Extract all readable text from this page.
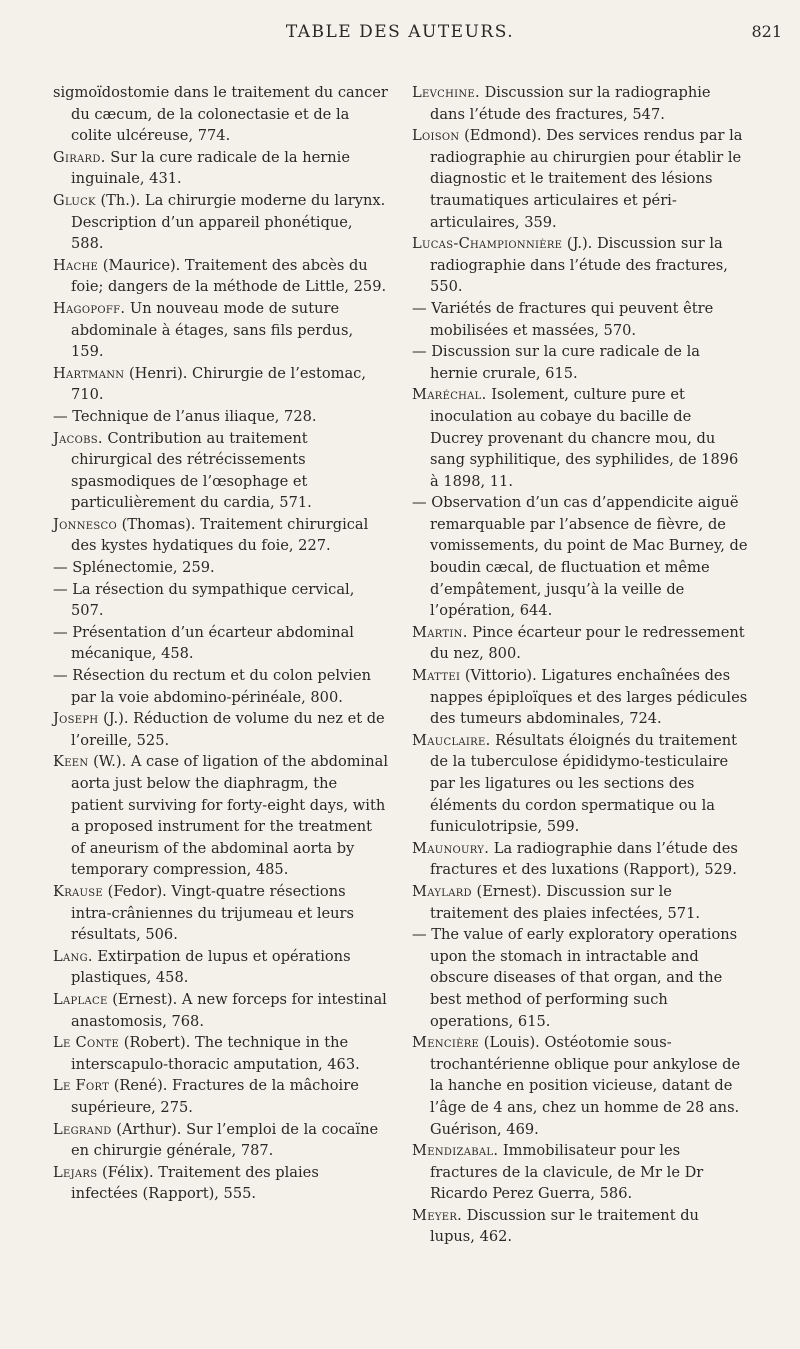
TABLE DES AUTEURS.	821

sigmoïdostomie dans le traitement du cancer du cæcum, de la colonectasie et de la colite ulcéreuse, 774.

Girard. Sur la cure radicale de la hernie inguinale, 431.

Gluck (Th.). La chirurgie moderne du larynx. Description d’un appareil phonétique, 588.

Hache (Maurice). Traitement des abcès du foie; dangers de la méthode de Little, 259.

Hagopoff. Un nouveau mode de suture abdominale à étages, sans fils perdus, 159.

Hartmann (Henri). Chirurgie de l’estomac, 710.

— Technique de l’anus iliaque, 728.

Jacobs. Contribution au traitement chirurgical des rétrécissements spasmodiques de l’œsophage et particulièrement du cardia, 571.

Jonnesco (Thomas). Traitement chirurgical des kystes hydatiques du foie, 227.

— Splénectomie, 259.

— La résection du sympathique cervical, 507.

— Présentation d’un écarteur abdominal mécanique, 458.

— Résection du rectum et du colon pelvien par la voie abdomino-périnéale, 800.

Joseph (J.). Réduction de volume du nez et de l’oreille, 525.

Keen (W.). A case of ligation of the abdominal aorta just below the diaphragm, the patient surviving for forty-eight days, with a proposed instrument for the treatment of aneurism of the abdominal aorta by temporary compression, 485.

Krause (Fedor). Vingt-quatre résections intra-crâniennes du trijumeau et leurs résultats, 506.

Lang. Extirpation de lupus et opérations plastiques, 458.

Laplace (Ernest). A new forceps for intestinal anastomosis, 768.

Le Conte (Robert). The technique in the interscapulo-thoracic amputation, 463.

Le Fort (René). Fractures de la mâchoire supérieure, 275.

Legrand (Arthur). Sur l’emploi de la cocaïne en chirurgie générale, 787.

Lejars (Félix). Traitement des plaies infectées (Rapport), 555.

Levchine. Discussion sur la radiographie dans l’étude des fractures, 547.

Loison (Edmond). Des services rendus par la radiographie au chirurgien pour établir le diagnostic et le traitement des lésions traumatiques articulaires et péri-articulaires, 359.

Lucas-Championnière (J.). Discussion sur la radiographie dans l’étude des fractures, 550.

— Variétés de fractures qui peuvent être mobilisées et massées, 570.

— Discussion sur la cure radicale de la hernie crurale, 615.

Maréchal. Isolement, culture pure et inoculation au cobaye du bacille de Ducrey provenant du chancre mou, du sang syphilitique, des syphilides, de 1896 à 1898, 11.

— Observation d’un cas d’appendicite aiguë remarquable par l’absence de fièvre, de vomissements, du point de Mac Burney, de boudin cæcal, de fluctuation et même d’empâtement, jusqu’à la veille de l’opération, 644.

Martin. Pince écarteur pour le redressement du nez, 800.

Mattei (Vittorio). Ligatures enchaînées des nappes épiploïques et des larges pédicules des tumeurs abdominales, 724.

Mauclaire. Résultats éloignés du traitement de la tuberculose épididymo-testiculaire par les ligatures ou les sections des éléments du cordon spermatique ou la funiculotripsie, 599.

Maunoury. La radiographie dans l’étude des fractures et des luxations (Rapport), 529.

Maylard (Ernest). Discussion sur le traitement des plaies infectées, 571.

— The value of early exploratory operations upon the stomach in intractable and obscure diseases of that organ, and the best method of performing such operations, 615.

Mencière (Louis). Ostéotomie sous-trochantérienne oblique pour ankylose de la hanche en position vicieuse, datant de l’âge de 4 ans, chez un homme de 28 ans. Guérison, 469.

Mendizabal. Immobilisateur pour les fractures de la clavicule, de Mr le Dr Ricardo Perez Guerra, 586.

Meyer. Discussion sur le traitement du lupus, 462.
